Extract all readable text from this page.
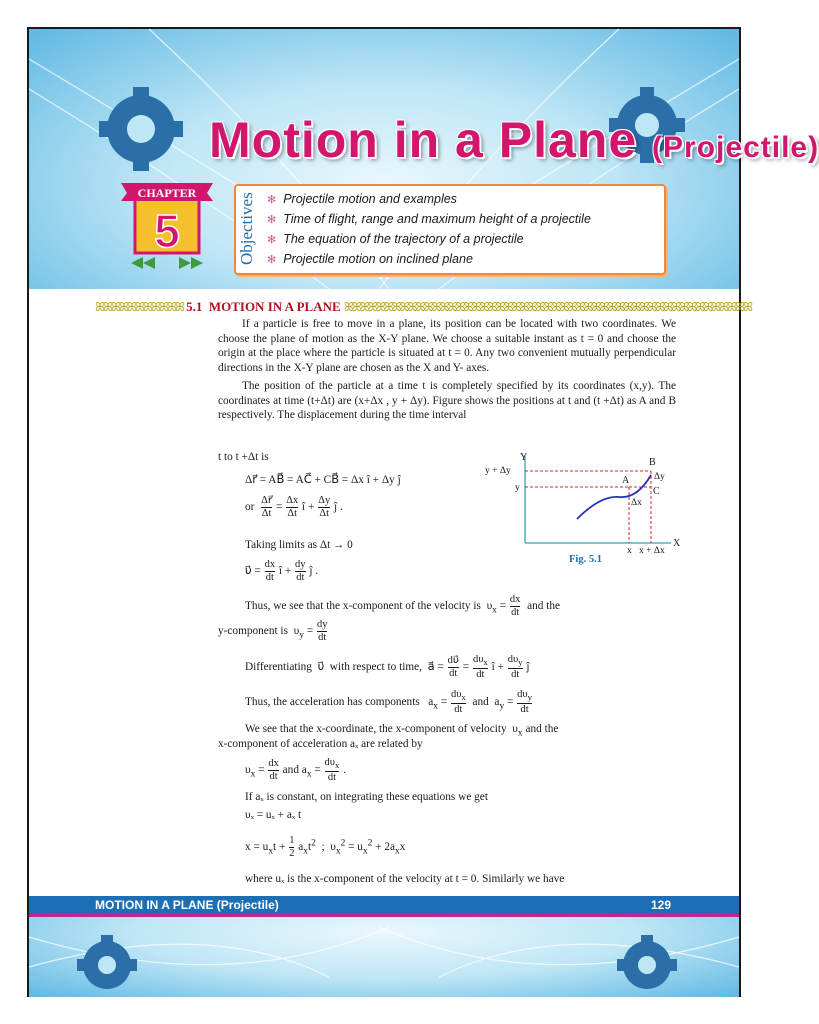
Motion in a Plane (Projectile)
CHAPTER
5	Objectives ✻ Projectile motion and examples
✻ Time of flight, range and maximum height of a projectile
✻ The equation of the trajectory of a projectile
✻ Projectile motion on inclined plane
ꕤꕤꕤꕤꕤꕤꕤꕤꕤꕤꕤ 5.1 MOTION IN A PLANE ꕤꕤꕤꕤꕤꕤꕤꕤꕤꕤꕤꕤꕤꕤꕤꕤꕤꕤꕤꕤꕤꕤꕤꕤꕤꕤꕤꕤꕤꕤꕤꕤꕤꕤꕤꕤꕤꕤꕤꕤꕤꕤꕤꕤꕤꕤꕤꕤꕤꕤꕤ

If a particle is free to move in a plane, its position can be located with two coordinates. We choose the plane of motion as the X-Y plane. We choose a suitable instant as t = 0 and choose the origin at the place where the particle is situated at t = 0. Any two convenient mutually perpendicular directions in the X-Y plane are chosen as the X and Y- axes.

The position of the particle at a time t is completely specified by its coordinates (x,y). The coordinates at time (t+Δt) are (x+Δx , y + Δy). Figure shows the positions at t and (t +Δt) as A and B respectively. The displacement during the time interval

t to t +Δt is
Δr⃗ = AB⃗ = AC⃗ + CB⃗ = Δx î + Δy ĵ
or $\frac{\Delta r⃗}{\Delta t} = \frac{\Delta x}{\Delta t}$ î + $\frac{\Delta y}{\Delta t}$ ĵ .
Taking limits as Δt → 0
υ⃗ = $\frac{dx}{dt}$ î + $\frac{dy}{dt}$ ĵ .
Thus, we see that the x-component of the velocity is  $\upsilon_x = \frac{dx}{dt}$ and the
y-component is  $\upsilon_y = \frac{dy}{dt}$
Differentiating  υ⃗  with respect to time,  a⃗ = $\frac{d\upsilon⃗}{dt} = \frac{d\upsilon_x}{dt}$ î + $\frac{d\upsilon_y}{dt}$ ĵ
Thus, the acceleration has components   $a_x = \frac{d\upsilon_x}{dt}$ and  $a_y = \frac{d\upsilon_y}{dt}$
We see that the x-coordinate, the x-component of velocity  $\upsilon_x$ and the
x-component of acceleration aₓ are related by
$\upsilon_x = \frac{dx}{dt}$ and $a_x = \frac{d\upsilon_x}{dt}$ .
If aₓ is constant, on integrating these equations we get
υₓ = uₓ + aₓ t
$x = u_xt + \frac{1}{2} a_xt^2$  ;  $\upsilon_x^2 = u_x^2 + 2a_xx$
where uₓ is the x-component of the velocity at t = 0. Similarly we have
Y
X
y + Δy
y
B
A
C
x x + Δx
Δx
Δy
Fig. 5.1
MOTION IN A PLANE (Projectile)	129
